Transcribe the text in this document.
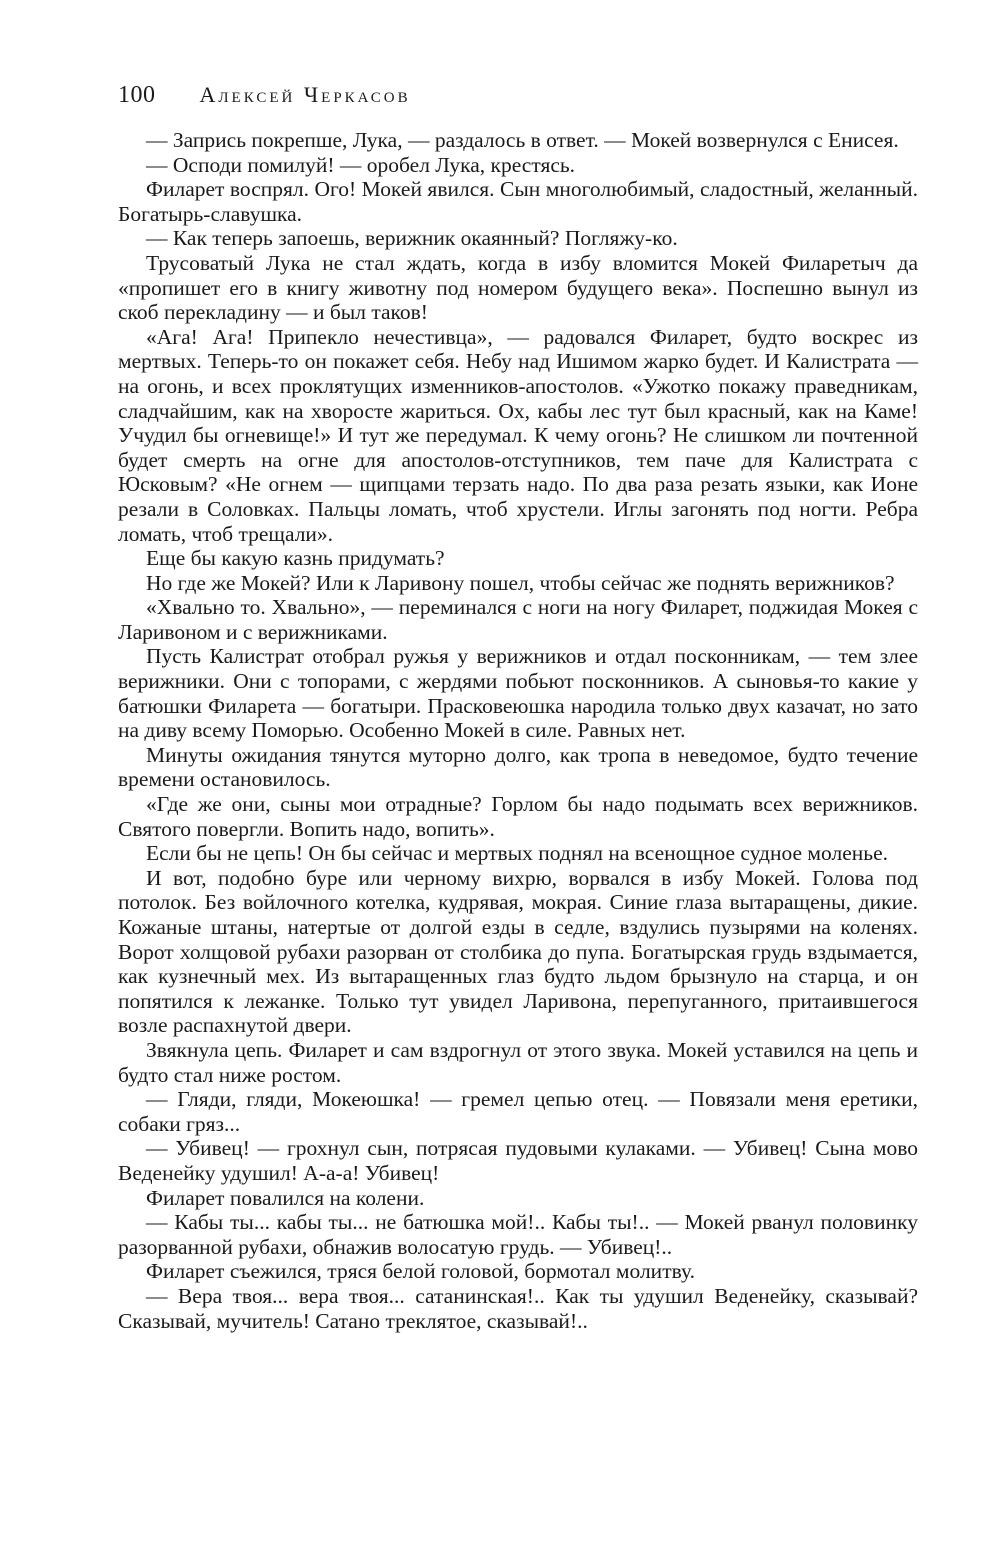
100 Алексей Черкасов

— Запрись покрепше, Лука, — раздалось в ответ. — Мокей возвернулся с Енисея.

— Осподи помилуй! — оробел Лука, крестясь.

Филарет воспрял. Ого! Мокей явился. Сын многолюбимый, сладостный, желанный. Богатырь-славушка.

— Как теперь запоешь, верижник окаянный? Погляжу-ко.

Трусоватый Лука не стал ждать, когда в избу вломится Мокей Филаретыч да «пропишет его в книгу животну под номером будущего века». Поспешно вынул из скоб перекладину — и был таков!

«Ага! Ага! Припекло нечестивца», — радовался Филарет, будто воскрес из мертвых. Теперь-то он покажет себя. Небу над Ишимом жарко будет. И Калистрата — на огонь, и всех проклятущих изменников-апостолов. «Ужотко покажу праведникам, сладчайшим, как на хворосте жариться. Ох, кабы лес тут был красный, как на Каме! Учудил бы огневище!» И тут же передумал. К чему огонь? Не слишком ли почтенной будет смерть на огне для апостолов-отступников, тем паче для Калистрата с Юсковым? «Не огнем — щипцами терзать надо. По два раза резать языки, как Ионе резали в Соловках. Пальцы ломать, чтоб хрустели. Иглы загонять под ногти. Ребра ломать, чтоб трещали».

Еще бы какую казнь придумать?

Но где же Мокей? Или к Ларивону пошел, чтобы сейчас же поднять верижников?

«Хвально то. Хвально», — переминался с ноги на ногу Филарет, поджидая Мокея с Ларивоном и с верижниками.

Пусть Калистрат отобрал ружья у верижников и отдал посконникам, — тем злее верижники. Они с топорами, с жердями побьют посконников. А сыновья-то какие у батюшки Филарета — богатыри. Прасковеюшка народила только двух казачат, но зато на диву всему Поморью. Особенно Мокей в силе. Равных нет.

Минуты ожидания тянутся муторно долго, как тропа в неведомое, будто течение времени остановилось.

«Где же они, сыны мои отрадные? Горлом бы надо подымать всех верижников. Святого повергли. Вопить надо, вопить».

Если бы не цепь! Он бы сейчас и мертвых поднял на всенощное судное моленье.

И вот, подобно буре или черному вихрю, ворвался в избу Мокей. Голова под потолок. Без войлочного котелка, кудрявая, мокрая. Синие глаза вытаращены, дикие. Кожаные штаны, натертые от долгой езды в седле, вздулись пузырями на коленях. Ворот холщовой рубахи разорван от столбика до пупа. Богатырская грудь вздымается, как кузнечный мех. Из вытаращенных глаз будто льдом брызнуло на старца, и он попятился к лежанке. Только тут увидел Ларивона, перепуганного, притаившегося возле распахнутой двери.

Звякнула цепь. Филарет и сам вздрогнул от этого звука. Мокей уставился на цепь и будто стал ниже ростом.

— Гляди, гляди, Мокеюшка! — гремел цепью отец. — Повязали меня еретики, собаки гряз...

— Убивец! — грохнул сын, потрясая пудовыми кулаками. — Убивец! Сына мово Веденейку удушил! А-а-а! Убивец!

Филарет повалился на колени.

— Кабы ты... кабы ты... не батюшка мой!.. Кабы ты!.. — Мокей рванул половинку разорванной рубахи, обнажив волосатую грудь. — Убивец!..

Филарет съежился, тряся белой головой, бормотал молитву.

— Вера твоя... вера твоя... сатанинская!.. Как ты удушил Веденейку, сказывай? Сказывай, мучитель! Сатано треклятое, сказывай!..
